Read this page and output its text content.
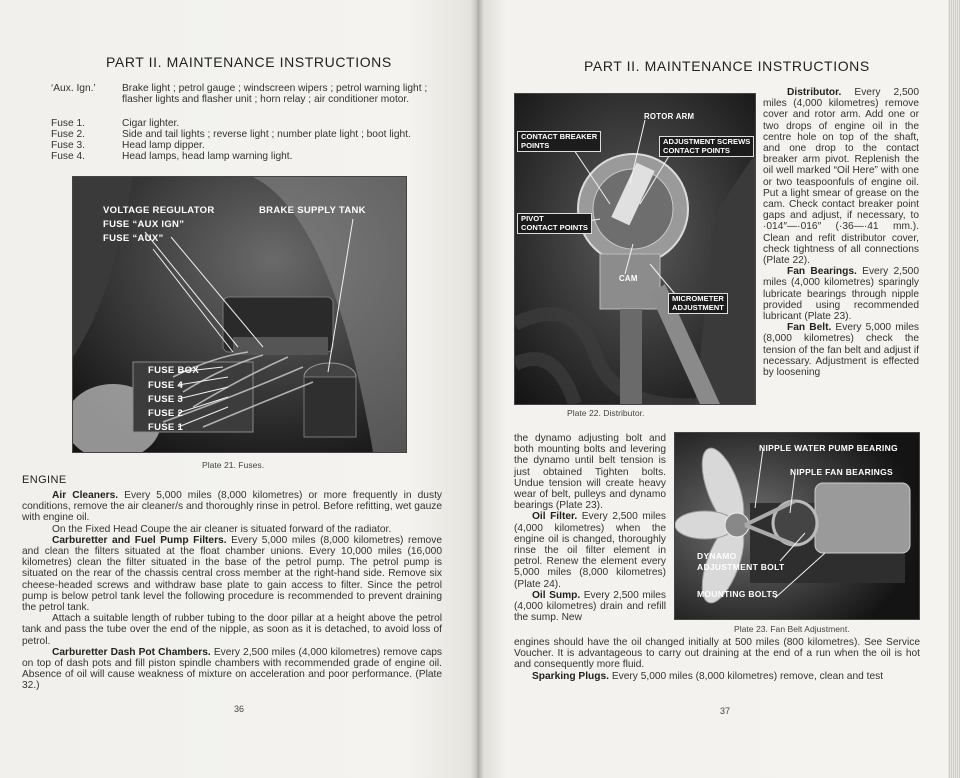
PART II. MAINTENANCE INSTRUCTIONS
‘Aux. Ign.’	Brake light ; petrol gauge ; windscreen wipers ; petrol warning light ; flasher lights and flasher unit ; horn relay ; air conditioner motor.
Fuse 1.	Cigar lighter.
Fuse 2.	Side and tail lights ; reverse light ; number plate light ; boot light.
Fuse 3.	Head lamp dipper.
Fuse 4.	Head lamps, head lamp warning light.
VOLTAGE REGULATOR
FUSE “AUX IGN”
FUSE “AUX”
BRAKE SUPPLY TANK
FUSE BOX
FUSE 4
FUSE 3
FUSE 2
FUSE 1
Plate 21. Fuses.
ENGINE

Air Cleaners. Every 5,000 miles (8,000 kilometres) or more frequently in dusty conditions, remove the air cleaner/s and thoroughly rinse in petrol. Before refitting, wet gauze with engine oil.

On the Fixed Head Coupe the air cleaner is situated forward of the radiator.

Carburetter and Fuel Pump Filters. Every 5,000 miles (8,000 kilometres) remove and clean the filters situated at the float chamber unions. Every 10,000 miles (16,000 kilometres) clean the filter situated in the base of the petrol pump. The petrol pump is situated on the rear of the chassis central cross member at the right-hand side. Remove six cheese-headed screws and withdraw base plate to gain access to filter. Since the petrol pump is below petrol tank level the following procedure is recommended to prevent draining the petrol tank.

Attach a suitable length of rubber tubing to the door pillar at a height above the petrol tank and pass the tube over the end of the nipple, as soon as it is detached, to avoid loss of petrol.

Carburetter Dash Pot Chambers. Every 2,500 miles (4,000 kilometres) remove caps on top of dash pots and fill piston spindle chambers with recommended grade of engine oil. Absence of oil will cause weakness of mixture on acceleration and poor performance. (Plate 32.)

36
PART II. MAINTENANCE INSTRUCTIONS
ROTOR ARM
CONTACT BREAKER
POINTS	ADJUSTMENT SCREWS
CONTACT POINTS
PIVOT
CONTACT POINTS
CAM
MICROMETER
ADJUSTMENT
Plate 22. Distributor.

Distributor. Every 2,500 miles (4,000 kilometres) remove cover and rotor arm. Add one or two drops of engine oil in the centre hole on top of the shaft, and one drop to the contact breaker arm pivot. Replenish the oil well marked “Oil Here” with one or two teaspoonfuls of engine oil. Put a light smear of grease on the cam. Check contact breaker point gaps and adjust, if necessary, to ·014″—·016″ (·36—·41 mm.). Clean and refit distributor cover, check tightness of all connections (Plate 22).

Fan Bearings. Every 2,500 miles (4,000 kilometres) sparingly lubricate bearings through nipple provided using recommended lubricant (Plate 23).

Fan Belt. Every 5,000 miles (8,000 kilometres) check the tension of the fan belt and adjust if necessary. Adjustment is effected by loosening

the dynamo adjusting bolt and both mounting bolts and levering the dynamo until belt tension is just obtained Tighten bolts. Undue tension will create heavy wear of belt, pulleys and dynamo bearings (Plate 23).

Oil Filter. Every 2,500 miles (4,000 kilometres) when the engine oil is changed, thoroughly rinse the oil filter element in petrol. Renew the element every 5,000 miles (8,000 kilometres) (Plate 24).

Oil Sump. Every 2,500 miles (4,000 kilometres) drain and refill the sump. New

NIPPLE WATER PUMP BEARING
NIPPLE FAN BEARINGS
DYNAMO
ADJUSTMENT BOLT
MOUNTING BOLTS
Plate 23. Fan Belt Adjustment.

engines should have the oil changed initially at 500 miles (800 kilometres). See Service Voucher. It is advantageous to carry out draining at the end of a run when the oil is hot and consequently more fluid.

Sparking Plugs. Every 5,000 miles (8,000 kilometres) remove, clean and test

37
